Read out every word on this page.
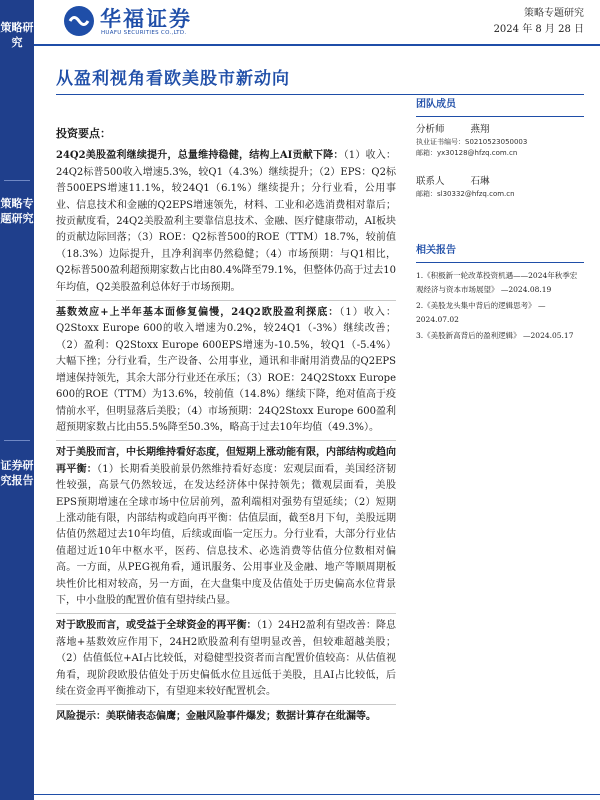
策略研究
策略专题研究
证券研究报告
华福证券
HUAFU SECURITIES CO.,LTD.
策略专题研究
2024 年 8 月 28 日
从盈利视角看欧美股市新动向
投资要点：

24Q2美股盈利继续提升，总量维持稳健，结构上AI贡献下降：（1）收入：24Q2标普500收入增速5.3%，较Q1（4.3%）继续提升；（2）EPS：Q2标普500EPS增速11.1%，较24Q1（6.1%）继续提升；分行业看，公用事业、信息技术和金融的Q2EPS增速领先，材料、工业和必选消费相对靠后；按贡献度看，24Q2美股盈利主要靠信息技术、金融、医疗健康带动，AI板块的贡献边际回落；（3）ROE：Q2标普500的ROE（TTM）18.7%，较前值（18.3%）边际提升，且净利润率仍然稳健；（4）市场预期：与Q1相比，Q2标普500盈利超预期家数占比由80.4%降至79.1%，但整体仍高于过去10年均值，Q2美股盈利总体好于市场预期。

基数效应+上半年基本面修复偏慢，24Q2欧股盈利探底：（1）收入：Q2Stoxx Europe 600的收入增速为0.2%，较24Q1（-3%）继续改善；（2）盈利：Q2Stoxx Europe 600EPS增速为-10.5%，较Q1（-5.4%）大幅下挫；分行业看，生产设备、公用事业，通讯和非耐用消费品的Q2EPS增速保持领先，其余大部分行业还在承压；（3）ROE：24Q2Stoxx Europe 600的ROE（TTM）为13.6%，较前值（14.8%）继续下降，绝对值高于疫情前水平，但明显落后美股；（4）市场预期：24Q2Stoxx Europe 600盈利超预期家数占比由55.5%降至50.3%，略高于过去10年均值（49.3%）。

对于美股而言，中长期维持看好态度，但短期上涨动能有限，内部结构或趋向再平衡：（1）长期看美股前景仍然维持看好态度：宏观层面看，美国经济韧性较强，高景气仍然较远，在发达经济体中保持领先；微观层面看，美股EPS预期增速在全球市场中位居前列，盈利端相对强势有望延续；（2）短期上涨动能有限，内部结构或趋向再平衡：估值层面，截至8月下旬，美股远期估值仍然超过去10年均值，后续或面临一定压力。分行业看，大部分行业估值超过近10年中枢水平，医药、信息技术、必选消费等估值分位数相对偏高。一方面，从PEG视角看，通讯服务、公用事业及金融、地产等顺周期板块性价比相对较高，另一方面，在大盘集中度及估值处于历史偏高水位背景下，中小盘股的配置价值有望持续凸显。

对于欧股而言，或受益于全球资金的再平衡：（1）24H2盈利有望改善：降息落地+基数效应作用下，24H2欧股盈利有望明显改善，但较难超越美股；（2）估值低位+AI占比较低，对稳健型投资者而言配置价值较高：从估值视角看，现阶段欧股估值处于历史偏低水位且远低于美股，且AI占比较低，后续在资金再平衡推动下，有望迎来较好配置机会。

风险提示：美联储表态偏鹰；金融风险事件爆发；数据计算存在纰漏等。

团队成员
分析师	燕翔
执业证书编号：S0210523050003
邮箱：yx30128@hfzq.com.cn
联系人	石琳
邮箱：sl30332@hfzq.com.cn
相关报告
1.《积极新一轮改革投资机遇——2024年秋季宏观经济与资本市场展望》 —2024.08.19
2.《美股龙头集中背后的逻辑思考》 —2024.07.02
3.《美股新高背后的盈利逻辑》 —2024.05.17
